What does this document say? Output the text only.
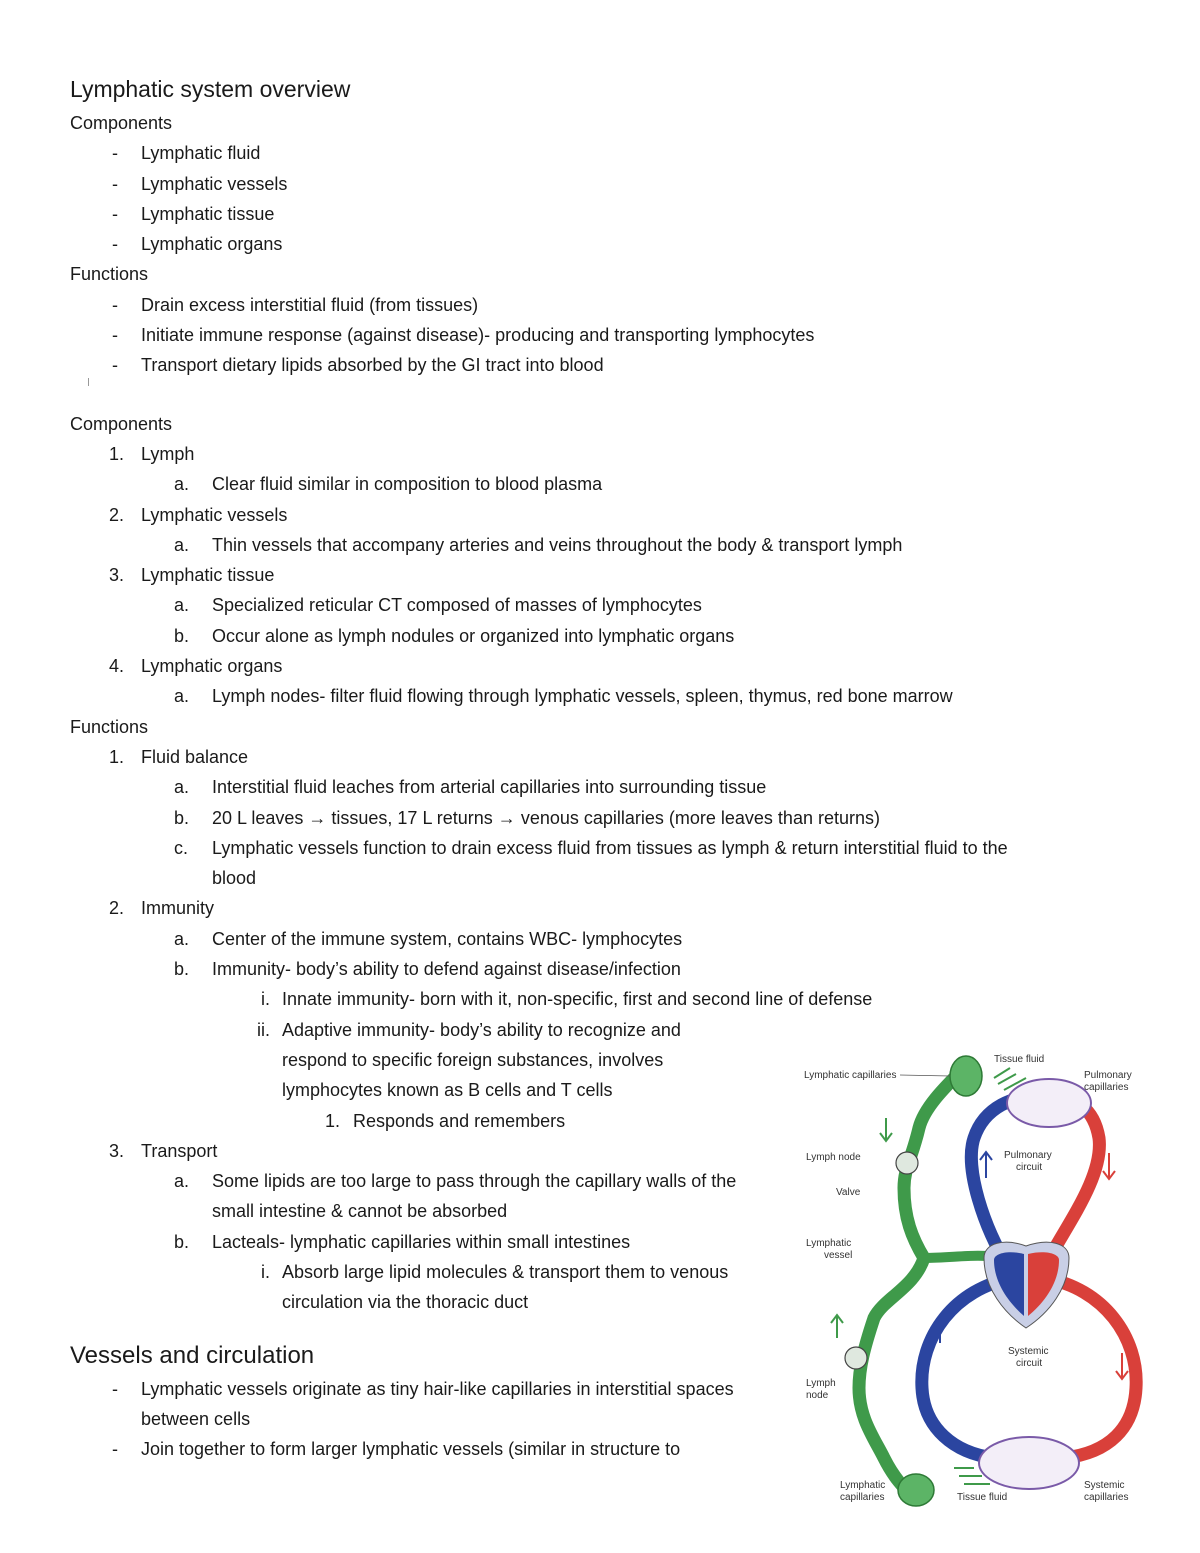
Lymphatic system overview
Components
- Lymphatic fluid
- Lymphatic vessels
- Lymphatic tissue
- Lymphatic organs
Functions
- Drain excess interstitial fluid (from tissues)
- Initiate immune response (against disease)- producing and transporting lymphocytes
- Transport dietary lipids absorbed by the GI tract into blood
Components
1. Lymph
a. Clear fluid similar in composition to blood plasma
2. Lymphatic vessels
a. Thin vessels that accompany arteries and veins throughout the body & transport lymph
3. Lymphatic tissue
a. Specialized reticular CT composed of masses of lymphocytes
b. Occur alone as lymph nodules or organized into lymphatic organs
4. Lymphatic organs
a. Lymph nodes- filter fluid flowing through lymphatic vessels, spleen, thymus, red bone marrow
Functions
1. Fluid balance
a. Interstitial fluid leaches from arterial capillaries into surrounding tissue
b. 20 L leaves → tissues, 17 L returns → venous capillaries (more leaves than returns)
c. Lymphatic vessels function to drain excess fluid from tissues as lymph & return interstitial fluid to the
blood
2. Immunity
a. Center of the immune system, contains WBC- lymphocytes
b. Immunity- body’s ability to defend against disease/infection
i. Innate immunity- born with it, non-specific, first and second line of defense
ii. Adaptive immunity- body’s ability to recognize and
respond to specific foreign substances, involves
lymphocytes known as B cells and T cells
1. Responds and remembers
3. Transport
a. Some lipids are too large to pass through the capillary walls of the
small intestine & cannot be absorbed
b. Lacteals- lymphatic capillaries within small intestines
i. Absorb large lipid molecules & transport them to venous
circulation via the thoracic duct
Vessels and circulation
- Lymphatic vessels originate as tiny hair-like capillaries in interstitial spaces
between cells
- Join together to form larger lymphatic vessels (similar in structure to
Lymphatic capillaries
Tissue fluid
Pulmonary
capillaries
Lymph node	Pulmonary
circuit
Valve
Lymphatic
vessel
Systemic
circuit
Lymph
node
Lymphatic
capillaries	Tissue fluid
Systemic
capillaries
